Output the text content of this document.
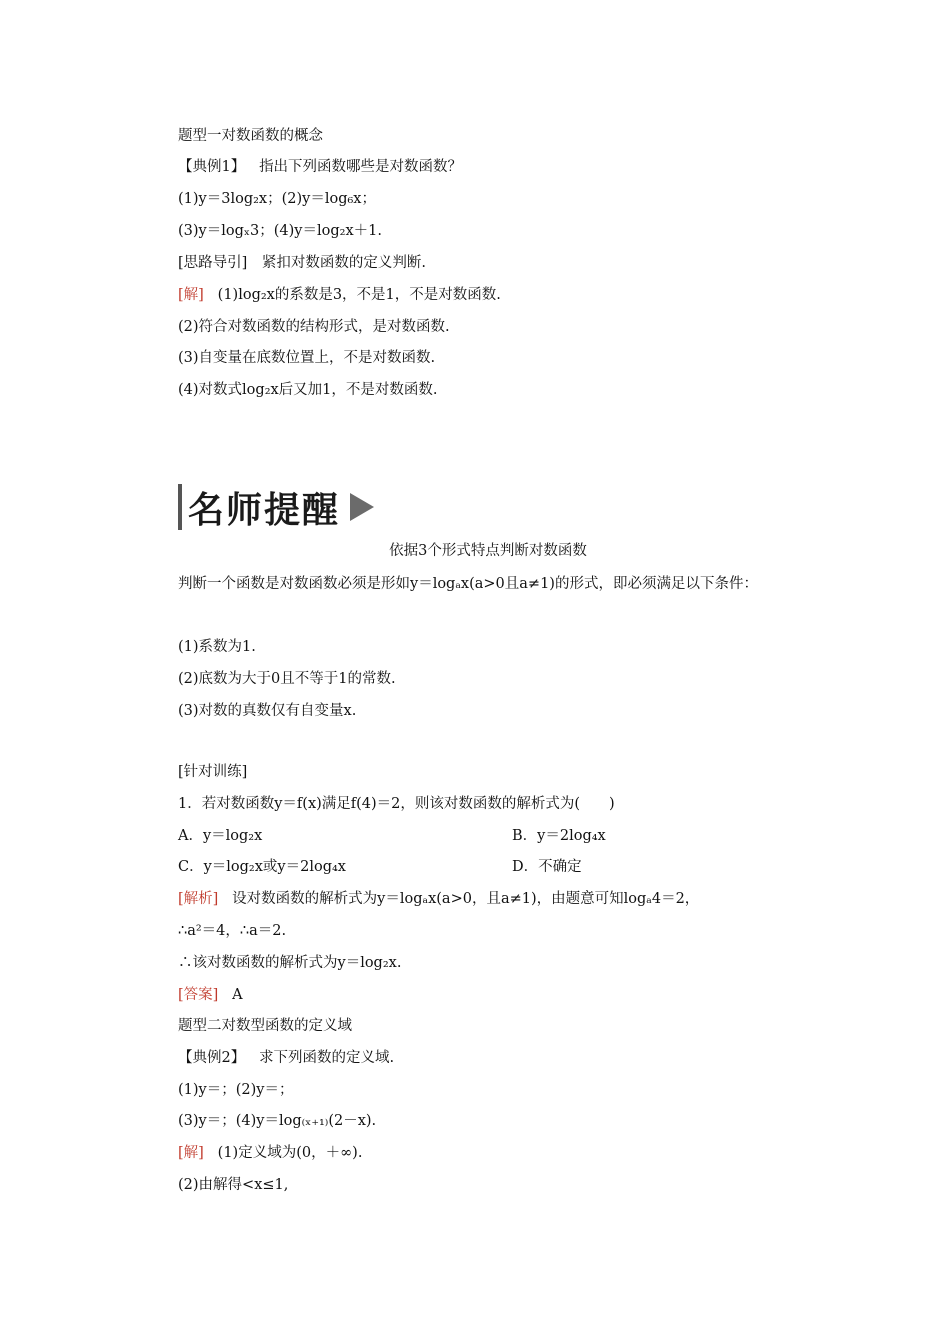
题型一对数函数的概念
【典例1】 指出下列函数哪些是对数函数？
(1)y＝3log₂x；(2)y＝log₆x；
(3)y＝logₓ3；(4)y＝log₂x＋1.
[思路导引]　紧扣对数函数的定义判断.
[解] (1)log₂x的系数是3，不是1，不是对数函数.
(2)符合对数函数的结构形式，是对数函数.
(3)自变量在底数位置上，不是对数函数.
(4)对数式log₂x后又加1，不是对数函数.
名师提醒
依据3个形式特点判断对数函数
判断一个函数是对数函数必须是形如y＝logₐx(a>0且a≠1)的形式，即必须满足以下条件：
(1)系数为1.
(2)底数为大于0且不等于1的常数.
(3)对数的真数仅有自变量x.
[针对训练]
1．若对数函数y＝f(x)满足f(4)＝2，则该对数函数的解析式为(　　)
A．y＝log₂x	B．y＝2log₄x
C．y＝log₂x或y＝2log₄x	D．不确定
[解析] 设对数函数的解析式为y＝logₐx(a>0，且a≠1)，由题意可知logₐ4＝2，
∴a²＝4，∴a＝2.
∴该对数函数的解析式为y＝log₂x.
[答案] A
题型二对数型函数的定义域
【典例2】 求下列函数的定义域.
(1)y＝；(2)y＝；
(3)y＝；(4)y＝log₍ₓ₊₁₎(2－x).
[解] (1)定义域为(0，＋∞).
(2)由解得<x≤1,
